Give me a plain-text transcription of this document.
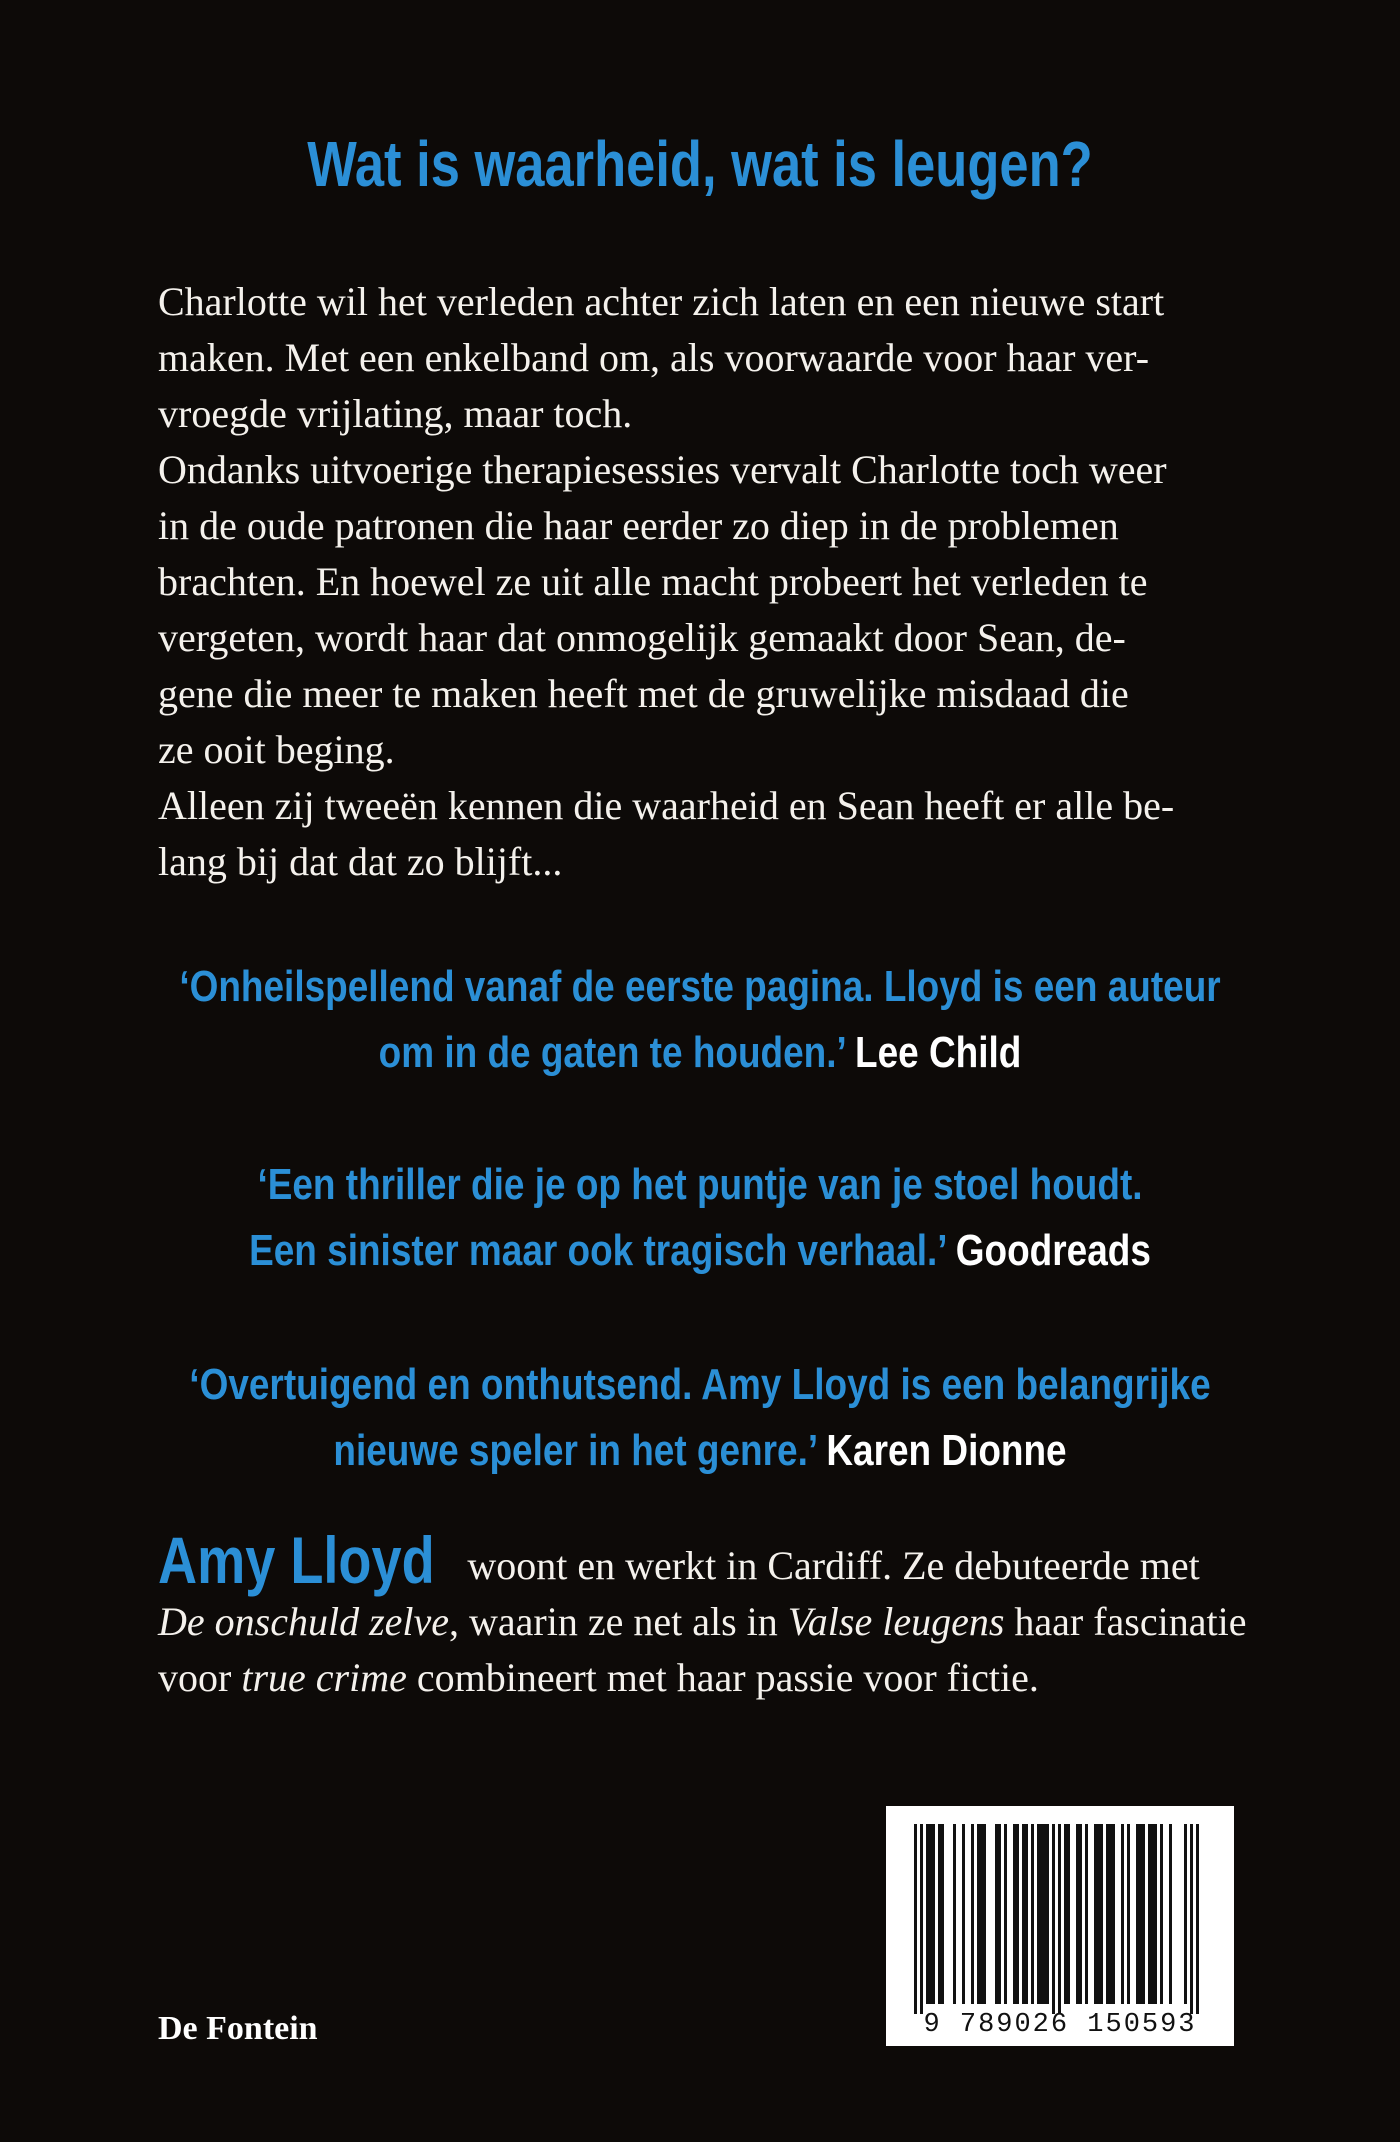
Wat is waarheid, wat is leugen?

Charlotte wil het verleden achter zich laten en een nieuwe start

maken. Met een enkelband om, als voorwaarde voor haar ver-

vroegde vrijlating, maar toch.

Ondanks uitvoerige therapiesessies vervalt Charlotte toch weer

in de oude patronen die haar eerder zo diep in de problemen

brachten. En hoewel ze uit alle macht probeert het verleden te

vergeten, wordt haar dat onmogelijk gemaakt door Sean, de-

gene die meer te maken heeft met de gruwelijke misdaad die

ze ooit beging.

Alleen zij tweeën kennen die waarheid en Sean heeft er alle be-

lang bij dat dat zo blijft...

‘Onheilspellend vanaf de eerste pagina. Lloyd is een auteur
om in de gaten te houden.’ Lee Child
‘Een thriller die je op het puntje van je stoel houdt.
Een sinister maar ook tragisch verhaal.’ Goodreads
‘Overtuigend en onthutsend. Amy Lloyd is een belangrijke
nieuwe speler in het genre.’ Karen Dionne
Amy Lloyd woont en werkt in Cardiff. Ze debuteerde met De onschuld zelve, waarin ze net als in Valse leugens haar fascinatie voor true crime combineert met haar passie voor fictie.
9 789026 150593
De Fontein
